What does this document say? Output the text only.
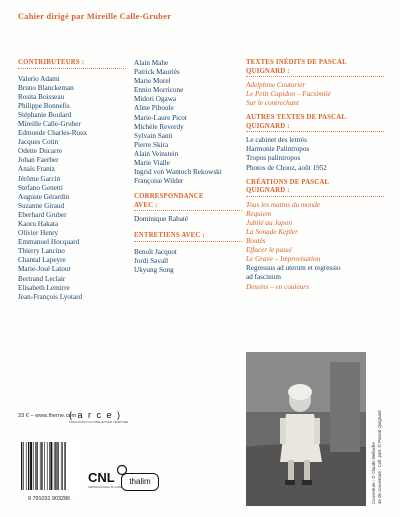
Cahier dirigé par Mireille Calle-Gruber
CONTRIBUTEURS :
Valerio Adami
Bruno Blanckeman
Rosita Boisseau
Philippe Bonnefis
Stéphanie Boulard
Mireille Calle-Gruber
Edmonde Charles-Roux
Jacques Cotin
Odette Ducarre
Johan Faerber
Anaïs Frantz
Jérôme Garcin
Stefano Genetti
Auguste Gérardin
Suzanne Giraud
Eberhard Gruber
Kaoru Hakata
Olivier Henry
Emmanuel Hocquard
Thierry Lancino
Chantal Lapeyre
Marie-José Latour
Bertrand Leclair
Elisabeth Lemirre
Jean-François Lyotard
Alain Mahe
Patrick Mauriès
Marie Morel
Ennio Morricone
Midori Ogawa
Aline Piboule
Marie-Laure Picot
Michèle Reverdy
Sylvain Santi
Pierre Skira
Alain Veinstein
Marie Vialle
Ingrid von Wantoch Rekowski
Françoise Wilder
CORRESPONDANCE
AVEC :
Dominique Rabaté
ENTRETIENS AVEC :
Benoît Jacquot
Jordi Savall
Ukyung Song
TEXTES INÉDITS DE PASCAL
QUIGNARD :
Adelphine Couturier
Le Petit Cupidon – Facsimilé
Sur le contrechant
AUTRES TEXTES DE PASCAL
QUIGNARD :
Le cabinet des lettrés
Harmonie Palintropos
Tropos palintropos
Photos de Chooz, août 1952
CRÉATIONS DE PASCAL
QUIGNARD :
Tous les matins du monde
Requiem
Jubilé au Japon
La Sonade Kepler
Boutès
Effacer le passé
Le Grave – Improvisation
Regressus ad uterum et regressio
ad fascinum
Dessins – en couleurs
Couverture : © Claude Bellache
4e de couverture : Coll. part. © Pascal Quignard
33 € – www.lherne.com
( a r c e )
ASSOCIATION CULTURELLE POUR L'ÉCRITURE
9 791031 903286
CNL
CENTRE NATIONAL DU LIVRE
thalim
